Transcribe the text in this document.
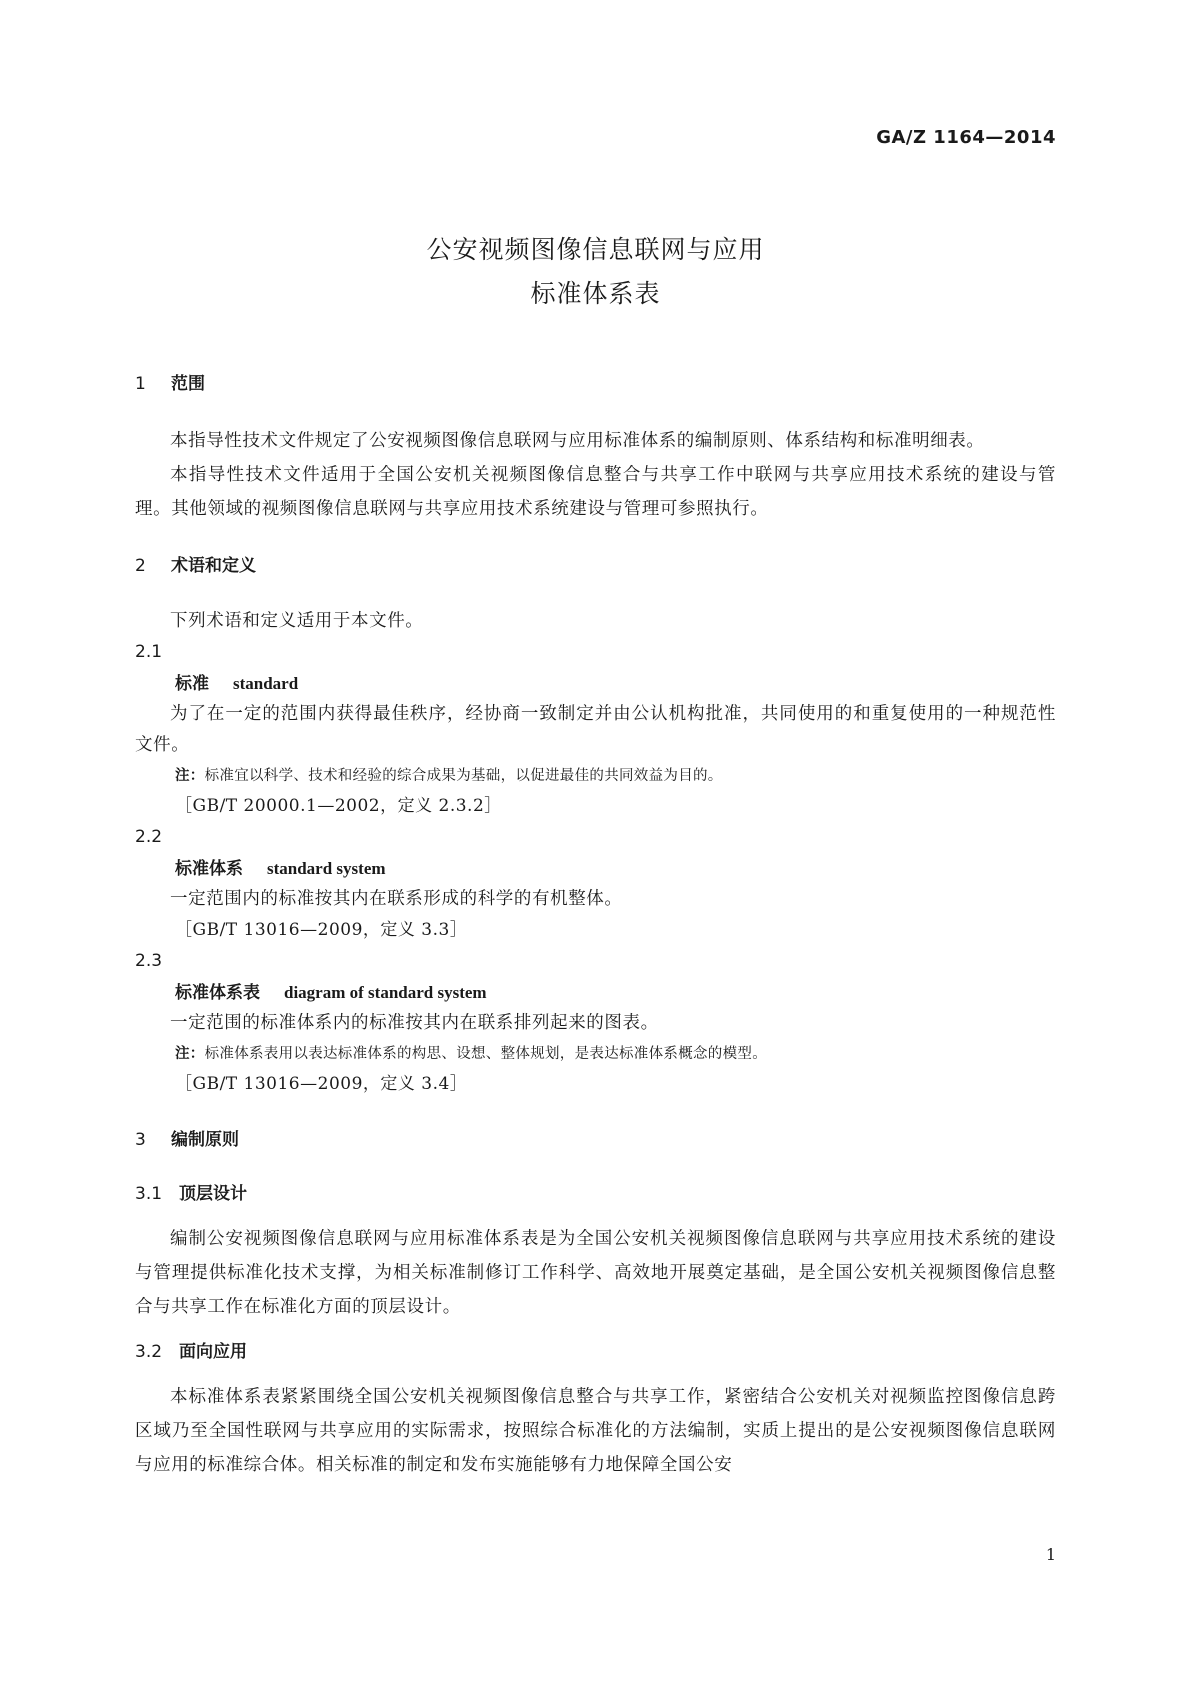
GA/Z 1164—2014
公安视频图像信息联网与应用
标准体系表
1 范围
本指导性技术文件规定了公安视频图像信息联网与应用标准体系的编制原则、体系结构和标准明细表。
本指导性技术文件适用于全国公安机关视频图像信息整合与共享工作中联网与共享应用技术系统的建设与管理。其他领域的视频图像信息联网与共享应用技术系统建设与管理可参照执行。
2 术语和定义
下列术语和定义适用于本文件。
2.1
标准 standard
为了在一定的范围内获得最佳秩序，经协商一致制定并由公认机构批准，共同使用的和重复使用的一种规范性文件。
注：标准宜以科学、技术和经验的综合成果为基础，以促进最佳的共同效益为目的。
［GB/T 20000.1—2002，定义 2.3.2］
2.2
标准体系 standard system
一定范围内的标准按其内在联系形成的科学的有机整体。
［GB/T 13016—2009，定义 3.3］
2.3
标准体系表 diagram of standard system
一定范围的标准体系内的标准按其内在联系排列起来的图表。
注：标准体系表用以表达标准体系的构思、设想、整体规划，是表达标准体系概念的模型。
［GB/T 13016—2009，定义 3.4］
3 编制原则
3.1 顶层设计
编制公安视频图像信息联网与应用标准体系表是为全国公安机关视频图像信息联网与共享应用技术系统的建设与管理提供标准化技术支撑，为相关标准制修订工作科学、高效地开展奠定基础，是全国公安机关视频图像信息整合与共享工作在标准化方面的顶层设计。
3.2 面向应用
本标准体系表紧紧围绕全国公安机关视频图像信息整合与共享工作，紧密结合公安机关对视频监控图像信息跨区域乃至全国性联网与共享应用的实际需求，按照综合标准化的方法编制，实质上提出的是公安视频图像信息联网与应用的标准综合体。相关标准的制定和发布实施能够有力地保障全国公安
1
